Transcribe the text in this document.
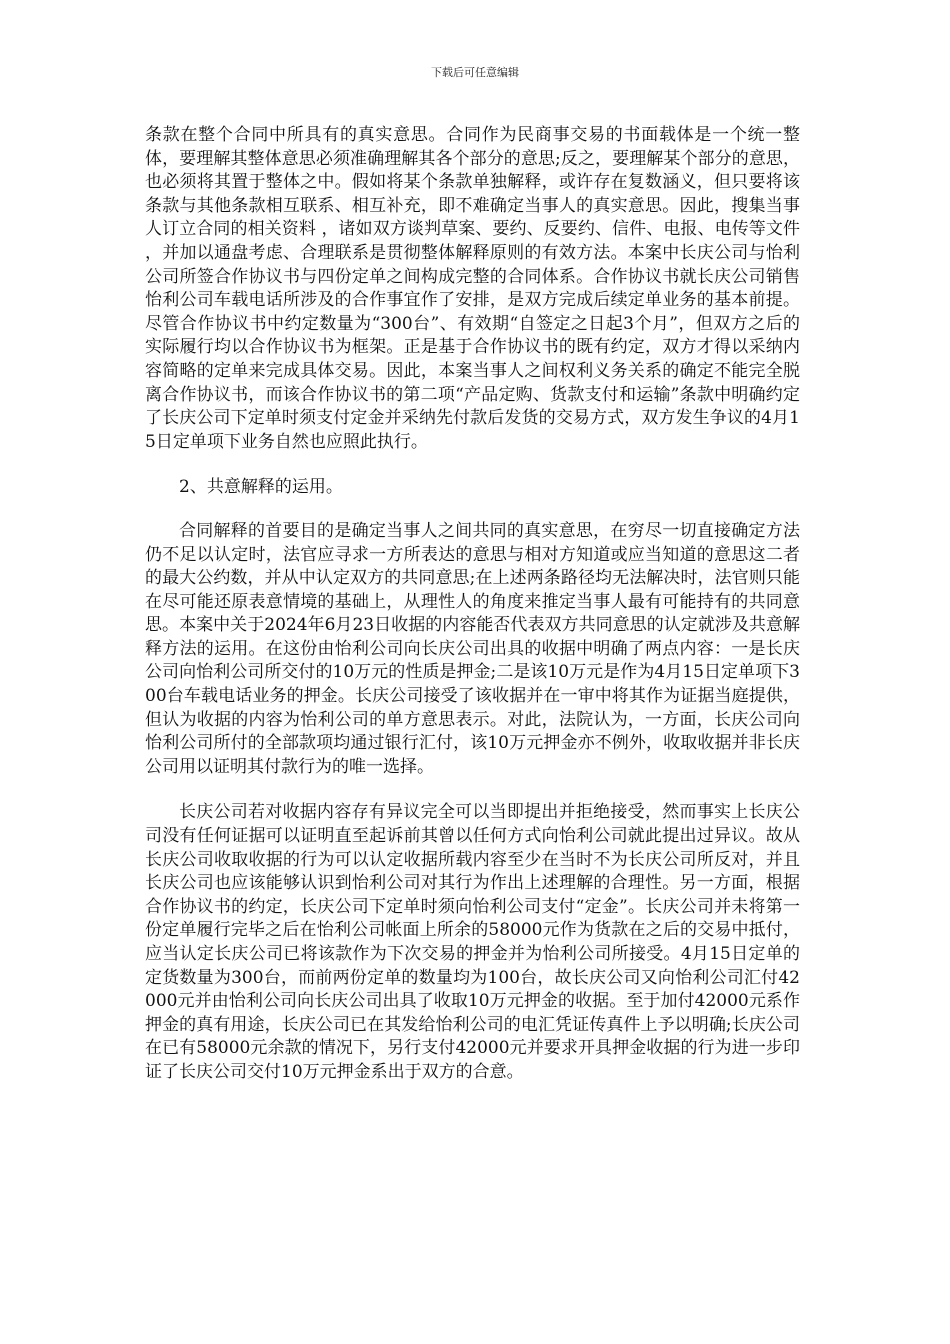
下载后可任意编辑

条款在整个合同中所具有的真实意思。合同作为民商事交易的书面载体是一个统一整体，要理解其整体意思必须准确理解其各个部分的意思;反之，要理解某个部分的意思，也必须将其置于整体之中。假如将某个条款单独解释，或许存在复数涵义，但只要将该条款与其他条款相互联系、相互补充，即不难确定当事人的真实意思。因此，搜集当事人订立合同的相关资料 ，诸如双方谈判草案、要约、反要约、信件、电报、电传等文件 ，并加以通盘考虑、合理联系是贯彻整体解释原则的有效方法。本案中长庆公司与怡利公司所签合作协议书与四份定单之间构成完整的合同体系。合作协议书就长庆公司销售怡利公司车载电话所涉及的合作事宜作了安排，是双方完成后续定单业务的基本前提。尽管合作协议书中约定数量为“300台”、有效期“自签定之日起3个月”，但双方之后的实际履行均以合作协议书为框架。正是基于合作协议书的既有约定，双方才得以采纳内容简略的定单来完成具体交易。因此，本案当事人之间权利义务关系的确定不能完全脱离合作协议书，而该合作协议书的第二项“产品定购、货款支付和运输”条款中明确约定了长庆公司下定单时须支付定金并采纳先付款后发货的交易方式，双方发生争议的4月15日定单项下业务自然也应照此执行。

2、共意解释的运用。

合同解释的首要目的是确定当事人之间共同的真实意思，在穷尽一切直接确定方法仍不足以认定时，法官应寻求一方所表达的意思与相对方知道或应当知道的意思这二者的最大公约数，并从中认定双方的共同意思;在上述两条路径均无法解决时，法官则只能在尽可能还原表意情境的基础上，从理性人的角度来推定当事人最有可能持有的共同意思。本案中关于2024年6月23日收据的内容能否代表双方共同意思的认定就涉及共意解释方法的运用。在这份由怡利公司向长庆公司出具的收据中明确了两点内容：一是长庆公司向怡利公司所交付的10万元的性质是押金;二是该10万元是作为4月15日定单项下300台车载电话业务的押金。长庆公司接受了该收据并在一审中将其作为证据当庭提供，但认为收据的内容为怡利公司的单方意思表示。对此，法院认为，一方面，长庆公司向怡利公司所付的全部款项均通过银行汇付，该10万元押金亦不例外，收取收据并非长庆公司用以证明其付款行为的唯一选择。

长庆公司若对收据内容存有异议完全可以当即提出并拒绝接受，然而事实上长庆公司没有任何证据可以证明直至起诉前其曾以任何方式向怡利公司就此提出过异议。故从长庆公司收取收据的行为可以认定收据所载内容至少在当时不为长庆公司所反对，并且长庆公司也应该能够认识到怡利公司对其行为作出上述理解的合理性。另一方面，根据合作协议书的约定，长庆公司下定单时须向怡利公司支付“定金”。长庆公司并未将第一份定单履行完毕之后在怡利公司帐面上所余的58000元作为货款在之后的交易中抵付，应当认定长庆公司已将该款作为下次交易的押金并为怡利公司所接受。4月15日定单的定货数量为300台，而前两份定单的数量均为100台，故长庆公司又向怡利公司汇付42000元并由怡利公司向长庆公司出具了收取10万元押金的收据。至于加付42000元系作押金的真有用途，长庆公司已在其发给怡利公司的电汇凭证传真件上予以明确;长庆公司在已有58000元余款的情况下，另行支付42000元并要求开具押金收据的行为进一步印证了长庆公司交付10万元押金系出于双方的合意。
